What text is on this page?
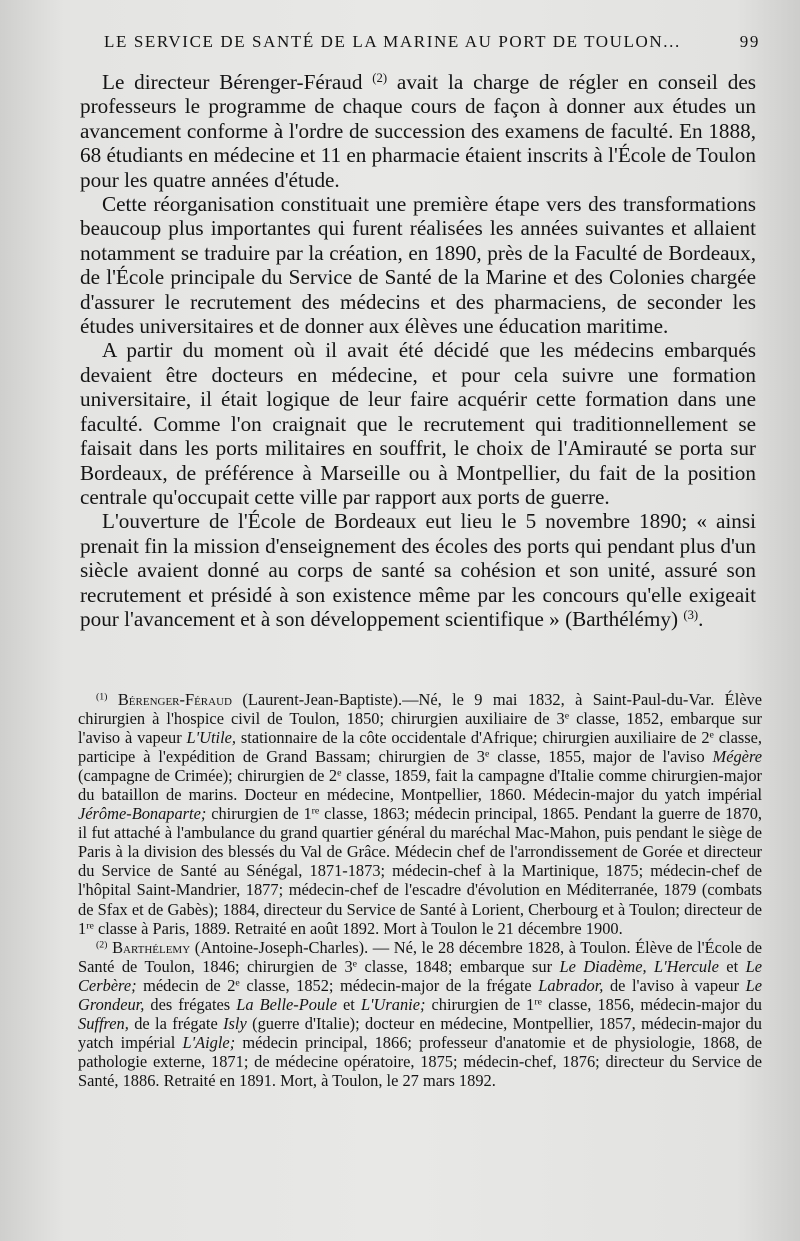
LE SERVICE DE SANTÉ DE LA MARINE AU PORT DE TOULON...	99

Le directeur Bérenger-Féraud $^{(2)}$ avait la charge de régler en conseil des professeurs le programme de chaque cours de façon à donner aux études un avancement conforme à l'ordre de succession des examens de faculté. En 1888, 68 étudiants en médecine et 11 en pharmacie étaient inscrits à l'École de Toulon pour les quatre années d'étude.

Cette réorganisation constituait une première étape vers des transformations beaucoup plus importantes qui furent réalisées les années suivantes et allaient notamment se traduire par la création, en 1890, près de la Faculté de Bordeaux, de l'École principale du Service de Santé de la Marine et des Colonies chargée d'assurer le recrutement des médecins et des pharmaciens, de seconder les études universitaires et de donner aux élèves une éducation maritime.

A partir du moment où il avait été décidé que les médecins embarqués devaient être docteurs en médecine, et pour cela suivre une formation universitaire, il était logique de leur faire acquérir cette formation dans une faculté. Comme l'on craignait que le recrutement qui traditionnellement se faisait dans les ports militaires en souffrit, le choix de l'Amirauté se porta sur Bordeaux, de préférence à Marseille ou à Montpellier, du fait de la position centrale qu'occupait cette ville par rapport aux ports de guerre.

L'ouverture de l'École de Bordeaux eut lieu le 5 novembre 1890; « ainsi prenait fin la mission d'enseignement des écoles des ports qui pendant plus d'un siècle avaient donné au corps de santé sa cohésion et son unité, assuré son recrutement et présidé à son existence même par les concours qu'elle exigeait pour l'avancement et à son développement scientifique » (Barthélémy) $^{(3)}$.

$^{(1)}$ Bérenger-Féraud (Laurent-Jean-Baptiste).—Né, le 9 mai 1832, à Saint-Paul-du-Var. Élève chirurgien à l'hospice civil de Toulon, 1850; chirurgien auxiliaire de 3e classe, 1852, embarque sur l'aviso à vapeur L'Utile, stationnaire de la côte occidentale d'Afrique; chirurgien auxiliaire de 2e classe, participe à l'expédition de Grand Bassam; chirurgien de 3e classe, 1855, major de l'aviso Mégère (campagne de Crimée); chirurgien de 2e classe, 1859, fait la campagne d'Italie comme chirurgien-major du bataillon de marins. Docteur en médecine, Montpellier, 1860. Médecin-major du yatch impérial Jérôme-Bonaparte; chirurgien de 1re classe, 1863; médecin principal, 1865. Pendant la guerre de 1870, il fut attaché à l'ambulance du grand quartier général du maréchal Mac-Mahon, puis pendant le siège de Paris à la division des blessés du Val de Grâce. Médecin chef de l'arrondissement de Gorée et directeur du Service de Santé au Sénégal, 1871-1873; médecin-chef à la Martinique, 1875; médecin-chef de l'hôpital Saint-Mandrier, 1877; médecin-chef de l'escadre d'évolution en Méditerranée, 1879 (combats de Sfax et de Gabès); 1884, directeur du Service de Santé à Lorient, Cherbourg et à Toulon; directeur de 1re classe à Paris, 1889. Retraité en août 1892. Mort à Toulon le 21 décembre 1900.

$^{(2)}$ Barthélemy (Antoine-Joseph-Charles). — Né, le 28 décembre 1828, à Toulon. Élève de l'École de Santé de Toulon, 1846; chirurgien de 3e classe, 1848; embarque sur Le Diadème, L'Hercule et Le Cerbère; médecin de 2e classe, 1852; médecin-major de la frégate Labrador, de l'aviso à vapeur Le Grondeur, des frégates La Belle-Poule et L'Uranie; chirurgien de 1re classe, 1856, médecin-major du Suffren, de la frégate Isly (guerre d'Italie); docteur en médecine, Montpellier, 1857, médecin-major du yatch impérial L'Aigle; médecin principal, 1866; professeur d'anatomie et de physiologie, 1868, de pathologie externe, 1871; de médecine opératoire, 1875; médecin-chef, 1876; directeur du Service de Santé, 1886. Retraité en 1891. Mort, à Toulon, le 27 mars 1892.
